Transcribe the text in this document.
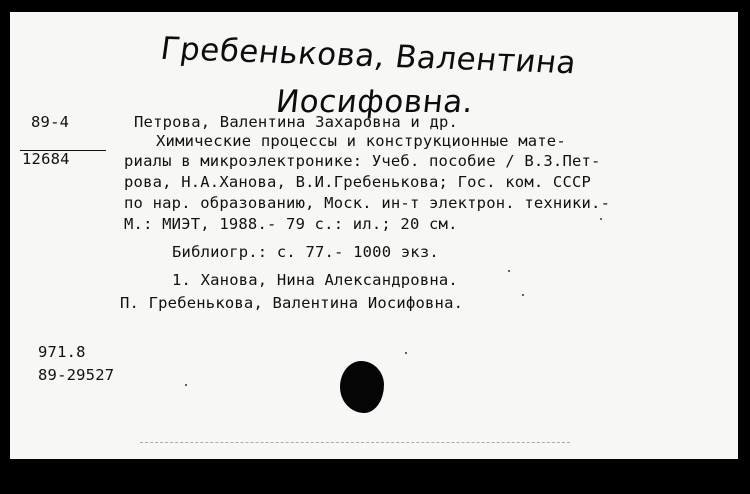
Гребенькова, Валентина
Иосифовна.
89-4
12684
Петрова, Валентина Захаровна и др.
Химические процессы и конструкционные мате-
риалы в микроэлектронике: Учеб. пособие / В.З.Пет-
рова, Н.А.Ханова, В.И.Гребенькова; Гос. ком. СССР
по нар. образованию, Моск. ин-т электрон. техники.-
М.: МИЭТ, 1988.- 79 с.: ил.; 20 см.
Библиогр.: с. 77.- 1000 экз.
1. Ханова, Нина Александровна.
П. Гребенькова, Валентина Иосифовна.
971.8
89-29527
